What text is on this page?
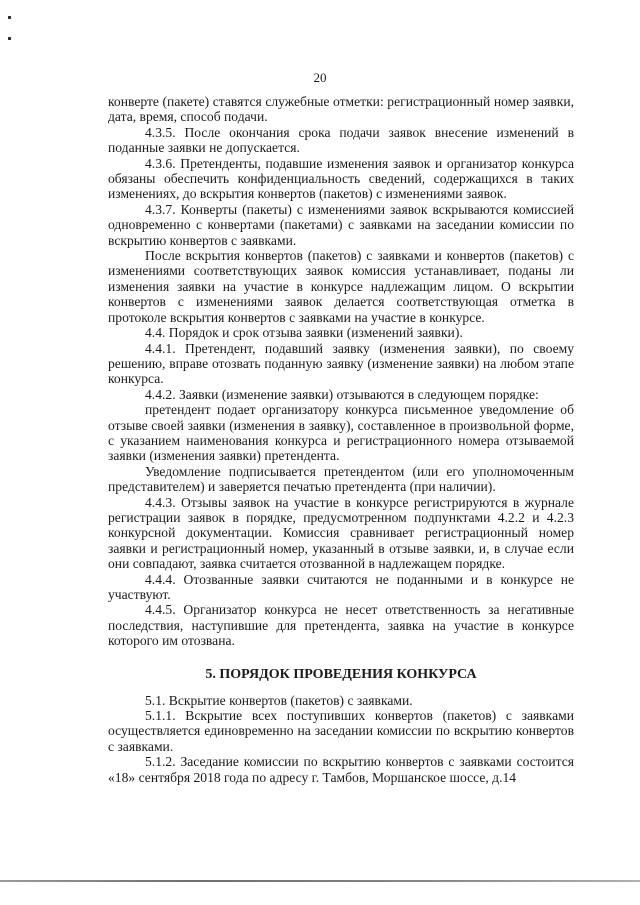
20

конверте (пакете) ставятся служебные отметки: регистрационный номер заявки, дата, время, способ подачи.

4.3.5. После окончания срока подачи заявок внесение изменений в поданные заявки не допускается.

4.3.6. Претенденты, подавшие изменения заявок и организатор конкурса обязаны обеспечить конфиденциальность сведений, содержащихся в таких изменениях, до вскрытия конвертов (пакетов) с изменениями заявок.

4.3.7. Конверты (пакеты) с изменениями заявок вскрываются комиссией одновременно с конвертами (пакетами) с заявками на заседании комиссии по вскрытию конвертов с заявками.

После вскрытия конвертов (пакетов) с заявками и конвертов (пакетов) с изменениями соответствующих заявок комиссия устанавливает, поданы ли изменения заявки на участие в конкурсе надлежащим лицом. О вскрытии конвертов с изменениями заявок делается соответствующая отметка в протоколе вскрытия конвертов с заявками на участие в конкурсе.

4.4. Порядок и срок отзыва заявки (изменений заявки).

4.4.1. Претендент, подавший заявку (изменения заявки), по своему решению, вправе отозвать поданную заявку (изменение заявки) на любом этапе конкурса.

4.4.2. Заявки (изменение заявки) отзываются в следующем порядке:

претендент подает организатору конкурса письменное уведомление об отзыве своей заявки (изменения в заявку), составленное в произвольной форме, с указанием наименования конкурса и регистрационного номера отзываемой заявки (изменения заявки) претендента.

Уведомление подписывается претендентом (или его уполномоченным представителем) и заверяется печатью претендента (при наличии).

4.4.3. Отзывы заявок на участие в конкурсе регистрируются в журнале регистрации заявок в порядке, предусмотренном подпунктами 4.2.2 и 4.2.3 конкурсной документации. Комиссия сравнивает регистрационный номер заявки и регистрационный номер, указанный в отзыве заявки, и, в случае если они совпадают, заявка считается отозванной в надлежащем порядке.

4.4.4. Отозванные заявки считаются не поданными и в конкурсе не участвуют.

4.4.5. Организатор конкурса не несет ответственность за негативные последствия, наступившие для претендента, заявка на участие в конкурсе которого им отозвана.

5. ПОРЯДОК ПРОВЕДЕНИЯ КОНКУРСА

5.1. Вскрытие конвертов (пакетов) с заявками.

5.1.1. Вскрытие всех поступивших конвертов (пакетов) с заявками осуществляется единовременно на заседании комиссии по вскрытию конвертов с заявками.

5.1.2. Заседание комиссии по вскрытию конвертов с заявками состоится «18» сентября 2018 года по адресу г. Тамбов, Моршанское шоссе, д.14
